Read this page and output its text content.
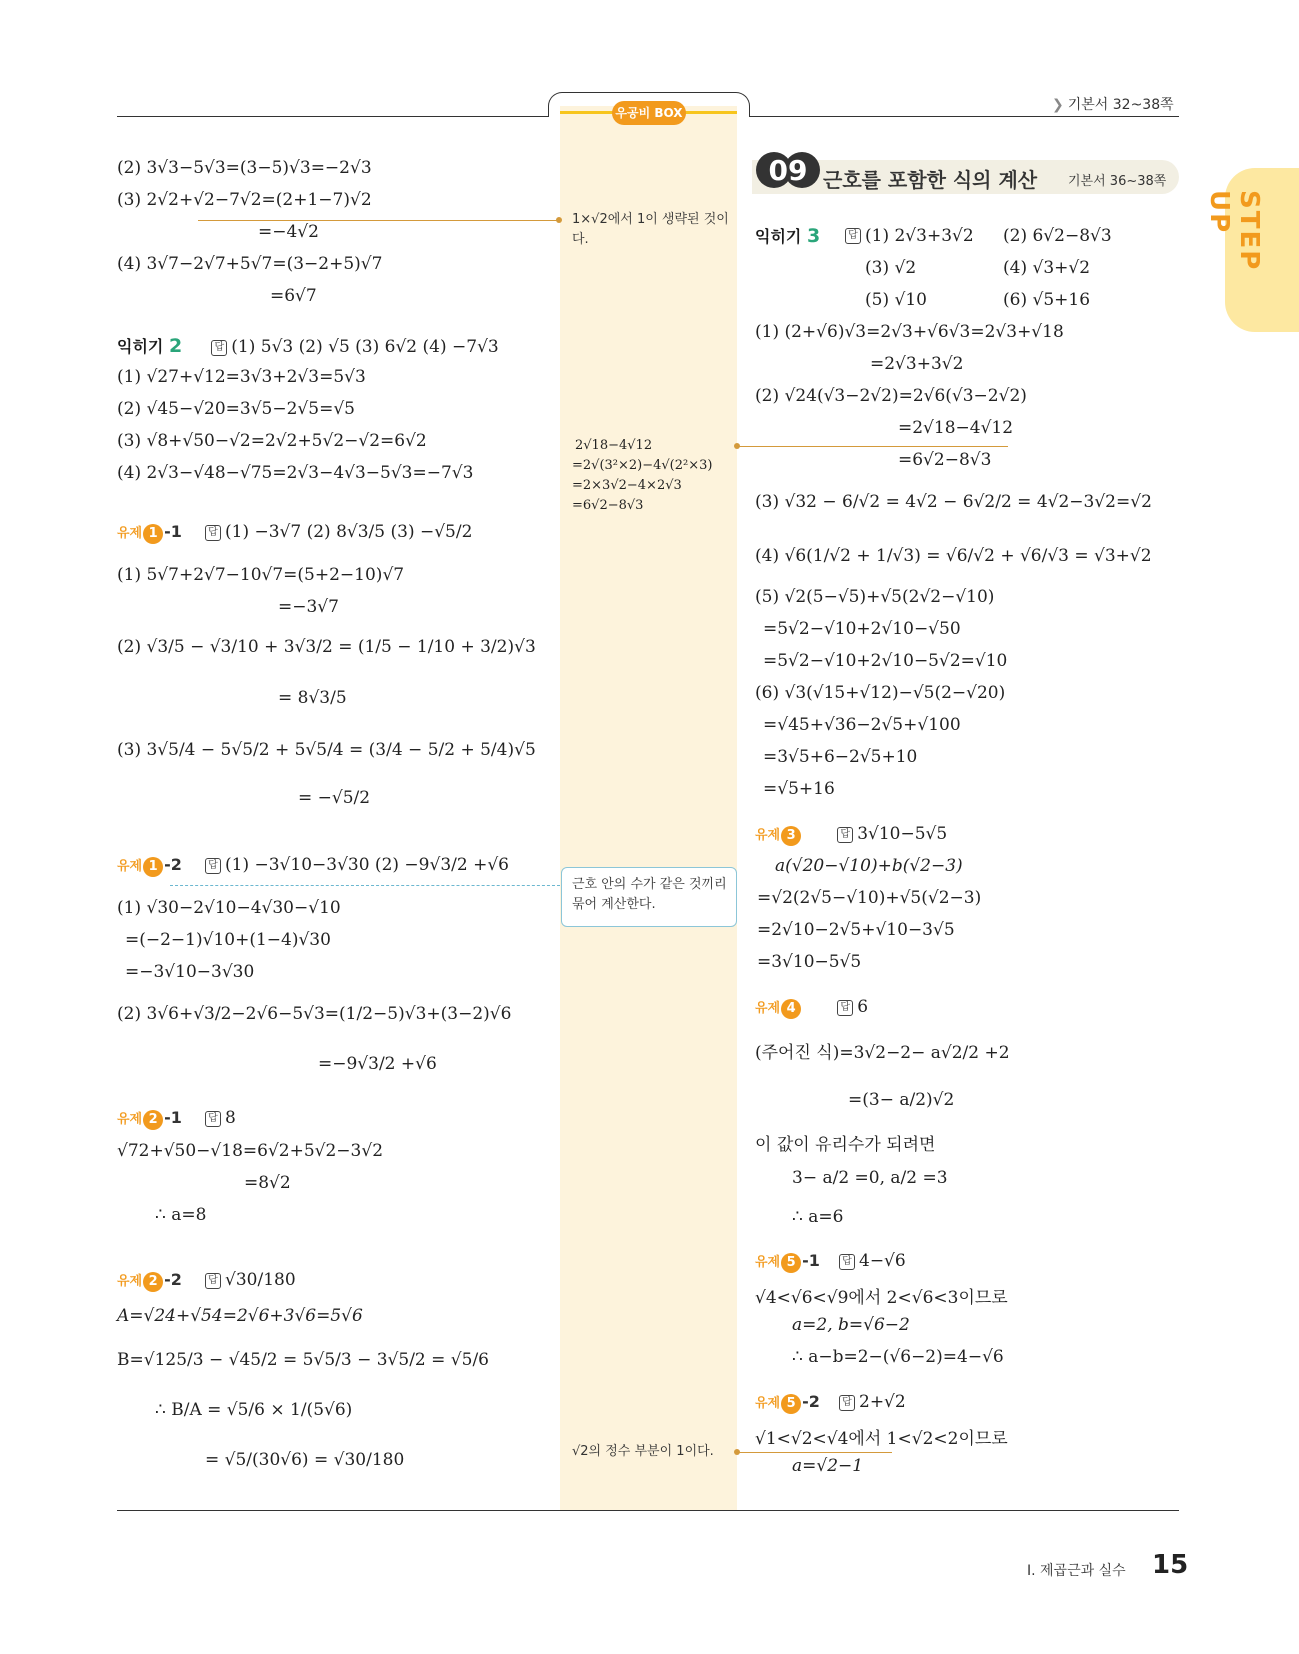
우공비 BOX	❯ 기본서 32~38쪽
STEP UP
09 근호를 포함한 식의 계산 기본서 36~38쪽
(2) 3√3−5√3=(3−5)√3=−2√3
(3) 2√2+√2−7√2=(2+1−7)√2
=−4√2
(4) 3√7−2√7+5√7=(3−2+5)√7
=6√7
익히기 2	답 (1) 5√3 (2) √5 (3) 6√2 (4) −7√3
(1) √27+√12=3√3+2√3=5√3
(2) √45−√20=3√5−2√5=√5
(3) √8+√50−√2=2√2+5√2−√2=6√2
(4) 2√3−√48−√75=2√3−4√3−5√3=−7√3
유제 1 -1	답 (1) −3√7 (2) 8√3/5 (3) −√5/2
(1) 5√7+2√7−10√7=(5+2−10)√7
=−3√7
(2) √3/5 − √3/10 + 3√3/2 = (1/5 − 1/10 + 3/2)√3
= 8√3/5
(3) 3√5/4 − 5√5/2 + 5√5/4 = (3/4 − 5/2 + 5/4)√5
= −√5/2
유제 1 -2	답 (1) −3√10−3√30 (2) −9√3/2 +√6
(1) √30−2√10−4√30−√10
=(−2−1)√10+(1−4)√30
=−3√10−3√30
(2) 3√6+√3/2−2√6−5√3=(1/2−5)√3+(3−2)√6
=−9√3/2 +√6
유제 2 -1	답 8
√72+√50−√18=6√2+5√2−3√2
=8√2
∴ a=8
유제 2 -2	답 √30/180
A=√24+√54=2√6+3√6=5√6
B=√125/3 − √45/2 = 5√5/3 − 3√5/2 = √5/6
∴ B/A = √5/6 × 1/(5√6)
= √5/(30√6) = √30/180
1×√2에서 1이 생략된 것이다.
2√18−4√12
=2√(3²×2)−4√(2²×3)
=2×3√2−4×2√3
=6√2−8√3
근호 안의 수가 같은 것끼리 묶어 계산한다.
√2의 정수 부분이 1이다.
익히기 3	답 (1) 2√3+3√2 (2) 6√2−8√3
(3) √2	(4) √3+√2
(5) √10	(6) √5+16
(1) (2+√6)√3=2√3+√6√3=2√3+√18
=2√3+3√2
(2) √24(√3−2√2)=2√6(√3−2√2)
=2√18−4√12
=6√2−8√3
(3) √32 − 6/√2 = 4√2 − 6√2/2 = 4√2−3√2=√2
(4) √6(1/√2 + 1/√3) = √6/√2 + √6/√3 = √3+√2
(5) √2(5−√5)+√5(2√2−√10)
=5√2−√10+2√10−√50
=5√2−√10+2√10−5√2=√10
(6) √3(√15+√12)−√5(2−√20)
=√45+√36−2√5+√100
=3√5+6−2√5+10
=√5+16
유제 3	답 3√10−5√5
a(√20−√10)+b(√2−3)
=√2(2√5−√10)+√5(√2−3)
=2√10−2√5+√10−3√5
=3√10−5√5
유제 4	답 6
(주어진 식)=3√2−2− a√2/2 +2
=(3− a/2)√2
이 값이 유리수가 되려면
3− a/2 =0, a/2 =3
∴ a=6
유제 5 -1 답 4−√6
√4<√6<√9에서 2<√6<3이므로
a=2, b=√6−2
∴ a−b=2−(√6−2)=4−√6
유제 5 -2 답 2+√2
√1<√2<√4에서 1<√2<2이므로
a=√2−1
Ⅰ. 제곱근과 실수 15
